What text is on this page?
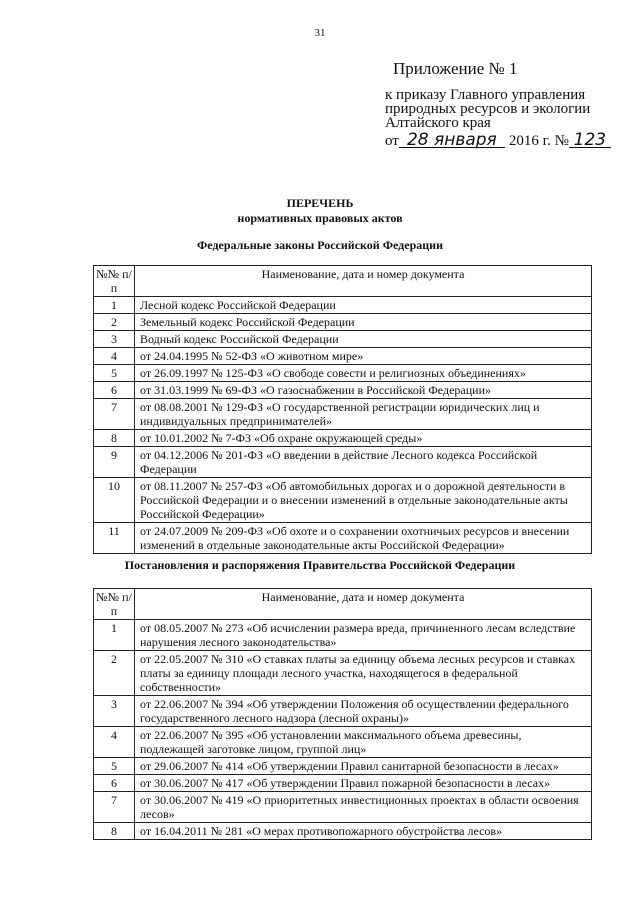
31
Приложение № 1
к приказу Главного управления
природных ресурсов и экологии
Алтайского края
от 28 января 2016 г. № 123
ПЕРЕЧЕНЬ
нормативных правовых актов
Федеральные законы Российской Федерации
№№ п/п	Наименование, дата и номер документа
1	Лесной кодекс Российской Федерации
2	Земельный кодекс Российской Федерации
3	Водный кодекс Российской Федерации
4	от 24.04.1995 № 52-ФЗ «О животном мире»
5	от 26.09.1997 № 125-ФЗ «О свободе совести и религиозных объединениях»
6	от 31.03.1999 № 69-ФЗ «О газоснабжении в Российской Федерации»
7	от 08.08.2001 № 129-ФЗ «О государственной регистрации юридических лиц и индивидуальных предпринимателей»
8	от 10.01.2002 № 7-ФЗ «Об охране окружающей среды»
9	от 04.12.2006 № 201-ФЗ «О введении в действие Лесного кодекса Российской Федерации
10	от 08.11.2007 № 257-ФЗ «Об автомобильных дорогах и о дорожной деятельности в Российской Федерации и о внесении изменений в отдельные законодательные акты Российской Федерации»
11	от 24.07.2009 № 209-ФЗ «Об охоте и о сохранении охотничьих ресурсов и внесении изменений в отдельные законодательные акты Российской Федерации»
Постановления и распоряжения Правительства Российской Федерации
№№ п/п	Наименование, дата и номер документа
1	от 08.05.2007 № 273 «Об исчислении размера вреда, причиненного лесам вследствие нарушения лесного законодательства»
2	от 22.05.2007 № 310 «О ставках платы за единицу объема лесных ресурсов и ставках платы за единицу площади лесного участка, находящегося в федеральной собственности»
3	от 22.06.2007 № 394 «Об утверждении Положения об осуществлении федерального государственного лесного надзора (лесной охраны)»
4	от 22.06.2007 № 395 «Об установлении максимального объема древесины, подлежащей заготовке лицом, группой лиц»
5	от 29.06.2007 № 414 «Об утверждении Правил санитарной безопасности в лесах»
6	от 30.06.2007 № 417 «Об утверждении Правил пожарной безопасности в лесах»
7	от 30.06.2007 № 419 «О приоритетных инвестиционных проектах в области освоения лесов»
8	от 16.04.2011 № 281 «О мерах противопожарного обустройства лесов»
